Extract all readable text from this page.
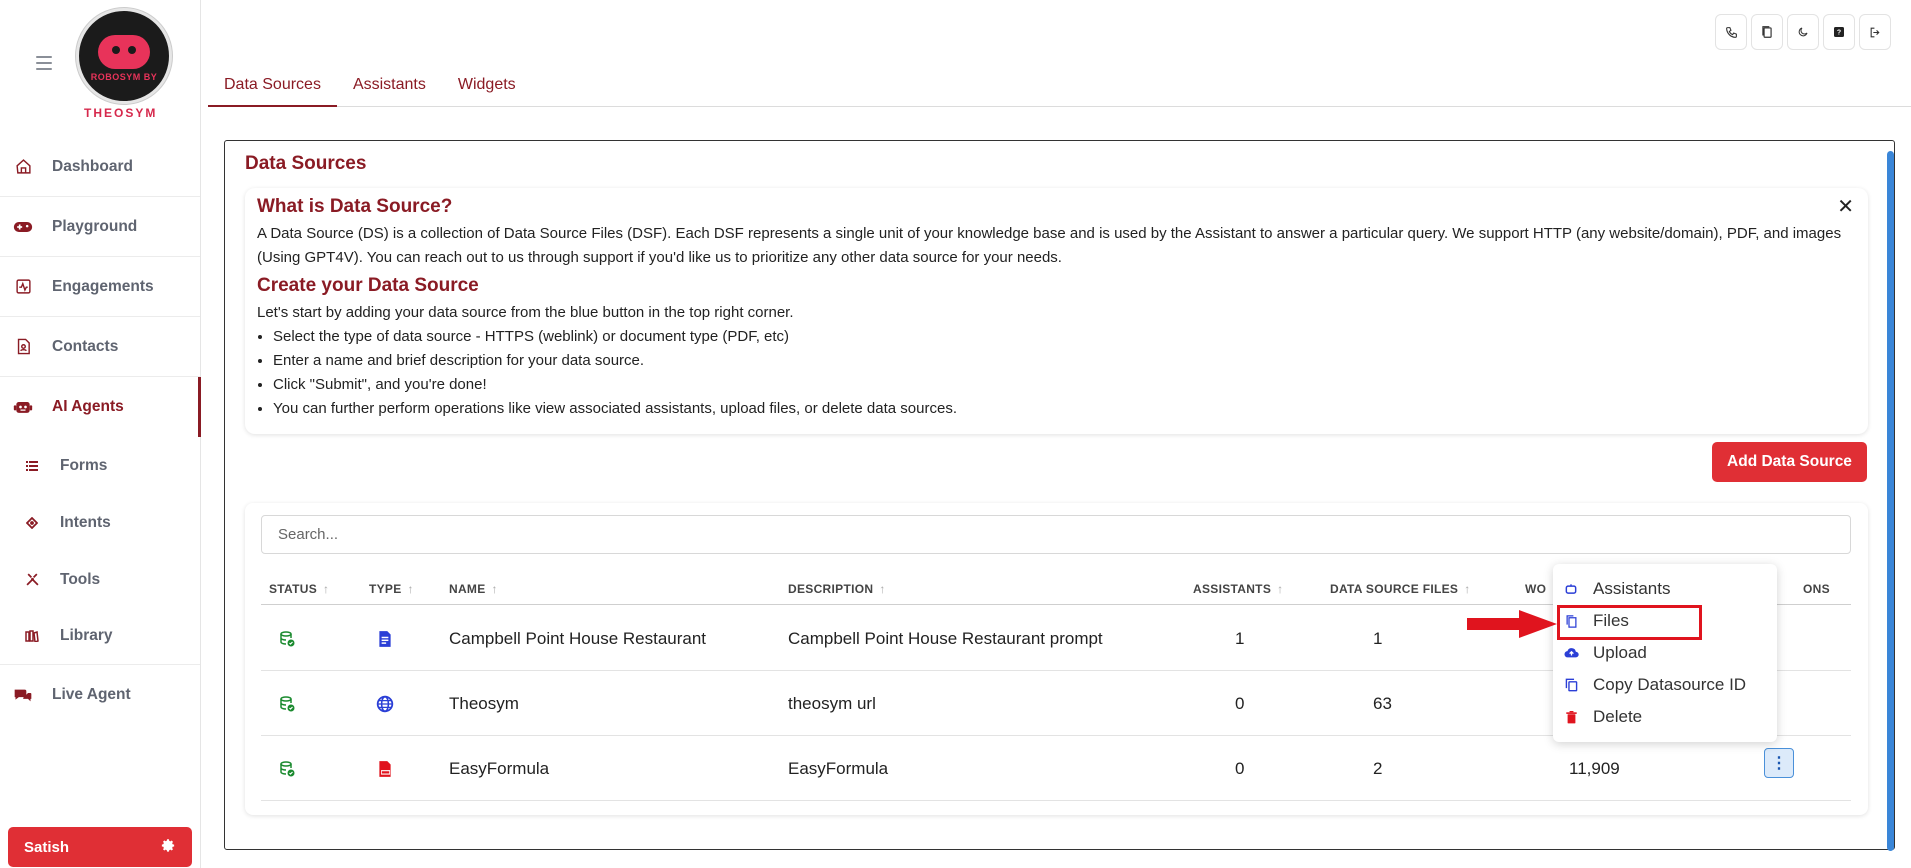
ROBOSYM BY
THEOSYM
Dashboard
Playground
Engagements
Contacts
AI Agents
Forms
Intents
Tools
Library
Live Agent
Satish
?
Data Sources	Assistants	Widgets
Data Sources
✕
What is Data Source?

A Data Source (DS) is a collection of Data Source Files (DSF). Each DSF represents a single unit of your knowledge base and is used by the Assistant to answer a particular query. We support HTTP (any website/domain), PDF, and images (Using GPT4V). You can reach out to us through support if you'd like us to prioritize any other data source for your needs.

Create your Data Source

Let's start by adding your data source from the blue button in the top right corner.

• Select the type of data source - HTTPS (weblink) or document type (PDF, etc)
• Enter a name and brief description for your data source.
• Click "Submit", and you're done!
• You can further perform operations like view associated assistants, upload files, or delete data sources.
Add Data Source
Search...
STATUS ↑	TYPE ↑	NAME ↑	DESCRIPTION ↑	ASSISTANTS ↑	DATA SOURCE FILES ↑	WO	ONS
Campbell Point House Restaurant	Campbell Point House Restaurant prompt	1	1
Theosym	theosym url	0	63
EasyFormula	EasyFormula	0	2	11,909	⋮
Assistants
Files
Upload
Copy Datasource ID
Delete
